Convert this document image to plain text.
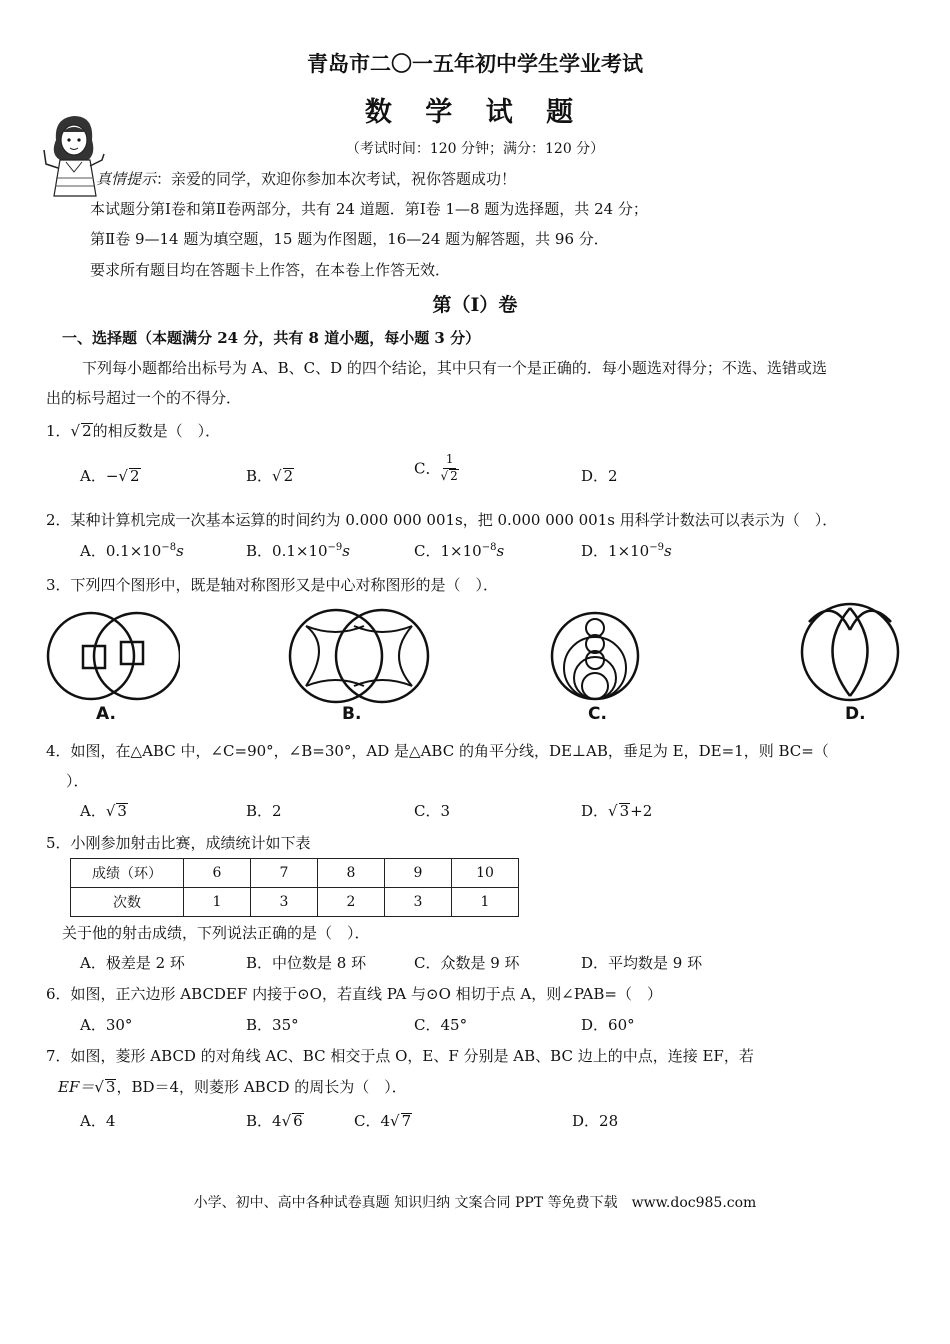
青岛市二〇一五年初中学生学业考试
数 学 试 题
（考试时间：120 分钟；满分：120 分）
真情提示：亲爱的同学，欢迎你参加本次考试，祝你答题成功！
本试题分第Ⅰ卷和第Ⅱ卷两部分，共有 24 道题．第Ⅰ卷 1—8 题为选择题，共 24 分；
第Ⅱ卷 9—14 题为填空题，15 题为作图题，16—24 题为解答题，共 96 分．
要求所有题目均在答题卡上作答，在本卷上作答无效．
第（Ⅰ）卷
一、选择题（本题满分 24 分，共有 8 道小题，每小题 3 分）
下列每小题都给出标号为 A、B、C、D 的四个结论，其中只有一个是正确的．每小题选对得分；不选、选错或选
出的标号超过一个的不得分．
1．√ 2的相反数是（　）．
A．−√ 2	B．√ 2	C． $\frac{1}{√ 2}$	D．2
2．某种计算机完成一次基本运算的时间约为 0.000 000 001s，把 0.000 000 001s 用科学计数法可以表示为（　）．
A．$0.1\times 10^{-8}s$	B．$0.1\times 10^{-9}s$	C．$1\times 10^{-8}s$	D．$1\times 10^{-9}s$
3．下列四个图形中，既是轴对称图形又是中心对称图形的是（　）．
A.	B.	C.	D.
4．如图，在△ABC 中，∠C=90°，∠B=30°，AD 是△ABC 的角平分线，DE⊥AB，垂足为 E，DE=1，则 BC=（
）．
A．√ 3	B．2	C．3	D．√ 3+2
5．小刚参加射击比赛，成绩统计如下表
成绩（环）	6	7	8	9	10
次数	1	3	2	3	1
关于他的射击成绩，下列说法正确的是（　）．
A．极差是 2 环	B．中位数是 8 环	C．众数是 9 环	D．平均数是 9 环
6．如图，正六边形 ABCDEF 内接于⊙O，若直线 PA 与⊙O 相切于点 A，则∠PAB=（　）
A．30°	B．35°	C．45°	D．60°
7．如图，菱形 ABCD 的对角线 AC、BC 相交于点 O，E、F 分别是 AB、BC 边上的中点，连接 EF，若
EF＝√ 3，BD＝4，则菱形 ABCD 的周长为（　）．
A．4	B．4√ 6	C．4√ 7	D．28
小学、初中、高中各种试卷真题 知识归纳 文案合同 PPT 等免费下载　www.doc985.com
